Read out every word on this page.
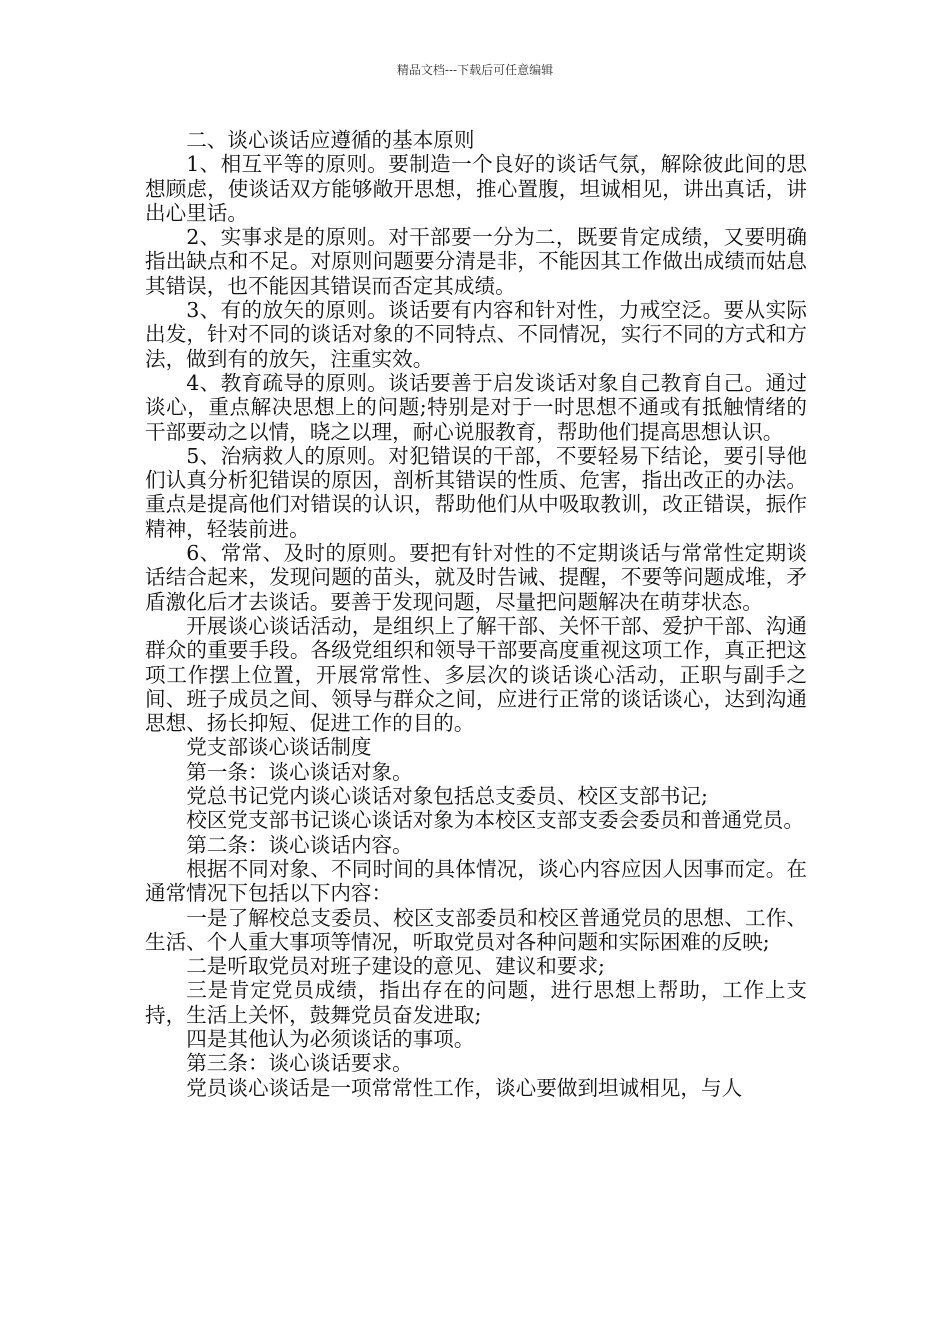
精品文档---下载后可任意编辑

二、谈心谈话应遵循的基本原则

1、相互平等的原则。要制造一个良好的谈话气氛，解除彼此间的思想顾虑，使谈话双方能够敞开思想，推心置腹，坦诚相见，讲出真话，讲出心里话。

2、实事求是的原则。对干部要一分为二，既要肯定成绩，又要明确指出缺点和不足。对原则问题要分清是非，不能因其工作做出成绩而姑息其错误，也不能因其错误而否定其成绩。

3、有的放矢的原则。谈话要有内容和针对性，力戒空泛。要从实际出发，针对不同的谈话对象的不同特点、不同情况，实行不同的方式和方法，做到有的放矢，注重实效。

4、教育疏导的原则。谈话要善于启发谈话对象自己教育自己。通过谈心，重点解决思想上的问题;特别是对于一时思想不通或有抵触情绪的干部要动之以情，晓之以理，耐心说服教育，帮助他们提高思想认识。

5、治病救人的原则。对犯错误的干部，不要轻易下结论，要引导他们认真分析犯错误的原因，剖析其错误的性质、危害，指出改正的办法。重点是提高他们对错误的认识，帮助他们从中吸取教训，改正错误，振作精神，轻装前进。

6、常常、及时的原则。要把有针对性的不定期谈话与常常性定期谈话结合起来，发现问题的苗头，就及时告诫、提醒，不要等问题成堆，矛盾激化后才去谈话。要善于发现问题，尽量把问题解决在萌芽状态。

开展谈心谈话活动，是组织上了解干部、关怀干部、爱护干部、沟通群众的重要手段。各级党组织和领导干部要高度重视这项工作，真正把这项工作摆上位置，开展常常性、多层次的谈话谈心活动，正职与副手之间、班子成员之间、领导与群众之间，应进行正常的谈话谈心，达到沟通思想、扬长抑短、促进工作的目的。

党支部谈心谈话制度

第一条：谈心谈话对象。

党总书记党内谈心谈话对象包括总支委员、校区支部书记;

校区党支部书记谈心谈话对象为本校区支部支委会委员和普通党员。

第二条：谈心谈话内容。

根据不同对象、不同时间的具体情况，谈心内容应因人因事而定。在通常情况下包括以下内容：

一是了解校总支委员、校区支部委员和校区普通党员的思想、工作、生活、个人重大事项等情况，听取党员对各种问题和实际困难的反映;

二是听取党员对班子建设的意见、建议和要求;

三是肯定党员成绩，指出存在的问题，进行思想上帮助，工作上支持，生活上关怀，鼓舞党员奋发进取;

四是其他认为必须谈话的事项。

第三条：谈心谈话要求。

党员谈心谈话是一项常常性工作，谈心要做到坦诚相见，与人
